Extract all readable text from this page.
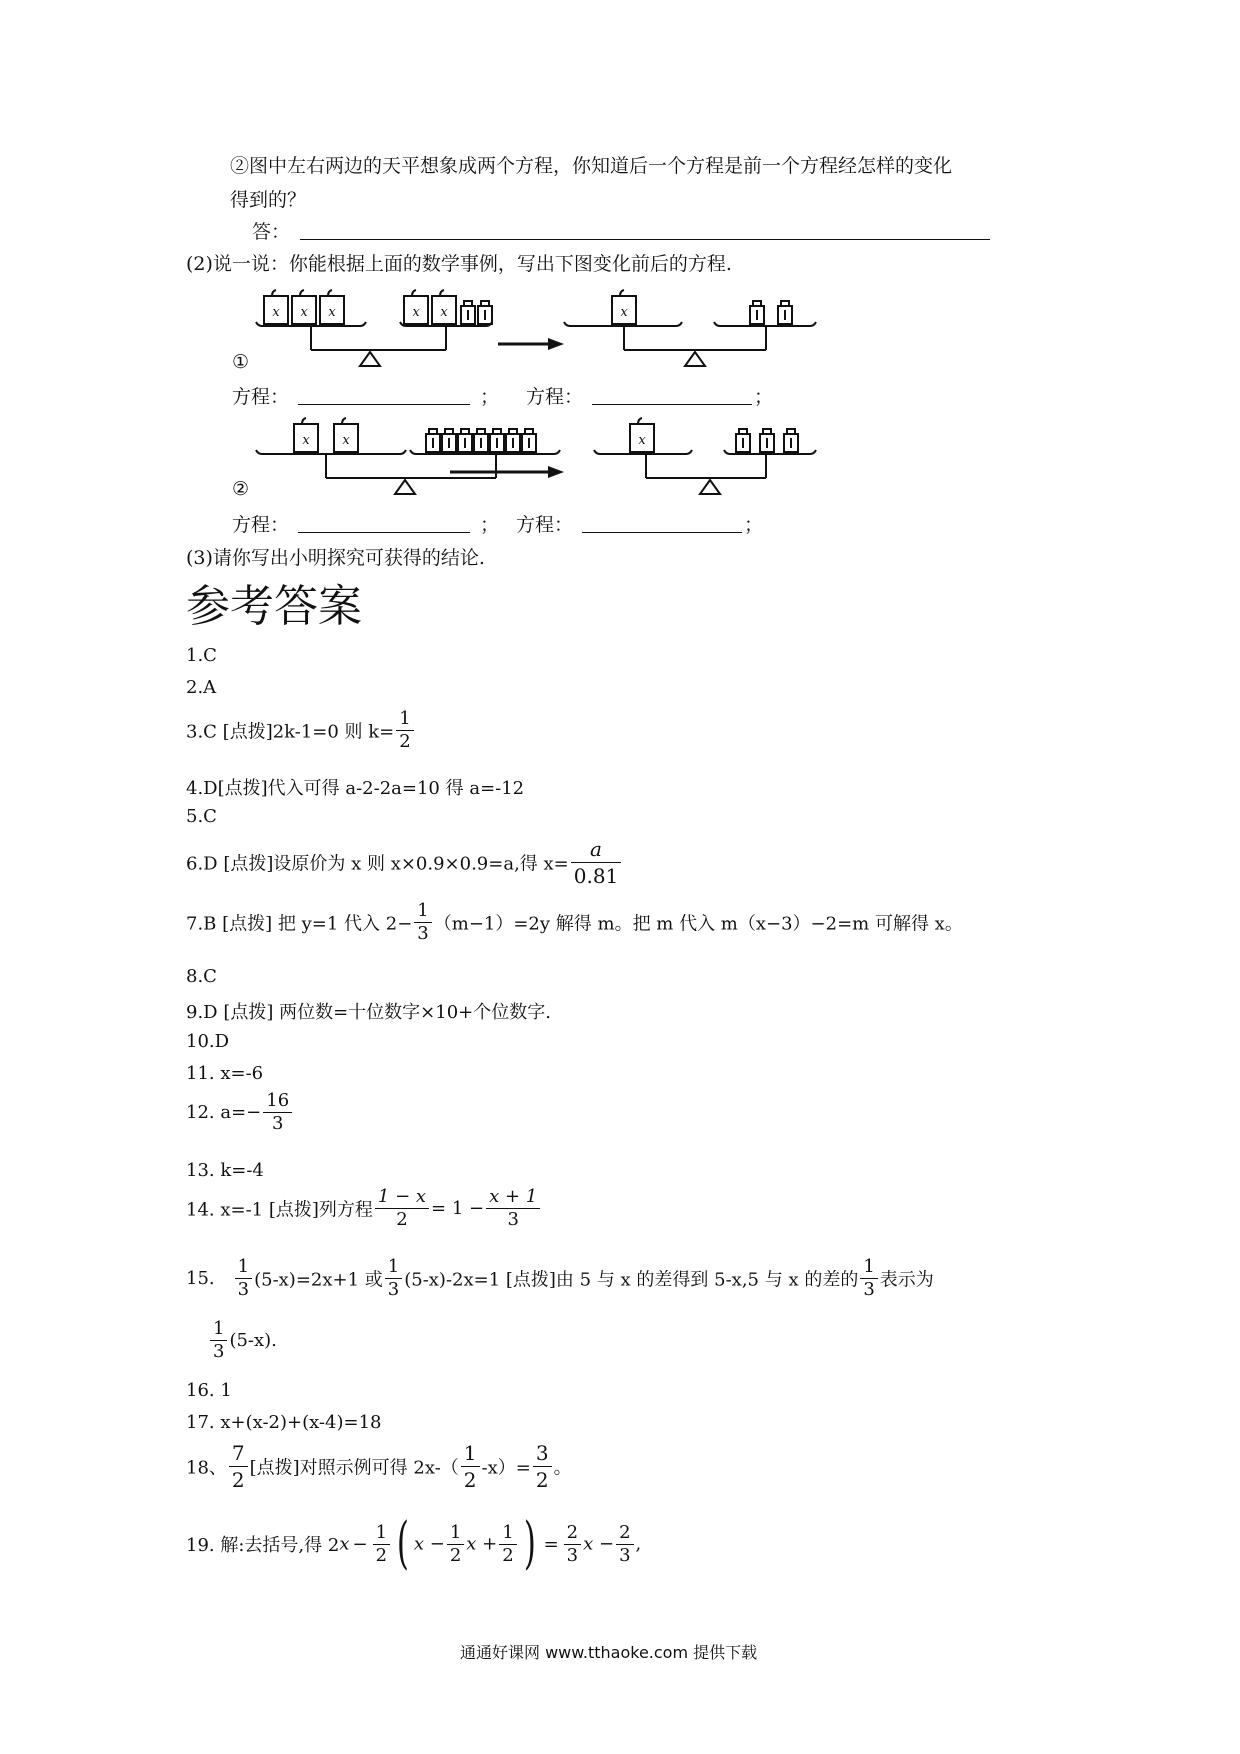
②图中左右两边的天平想象成两个方程，你知道后一个方程是前一个方程经怎样的变化
得到的？
答：
(2)说一说：你能根据上面的数学事例，写出下图变化前后的方程.
x x x	x x	x
①
方程：	； 方程：	；
x	x	x
②
方程：	； 方程：	；
(3)请你写出小明探究可获得的结论.
参考答案
1.C
2.A
3.C [点拨]2k-1=0 则 $k= \frac{1}{2}$
4.D[点拨]代入可得 a-2-2a=10 得 a=-12
5.C
6.D [点拨]设原价为 x 则 x×0.9×0.9=a,得 $x= \frac{a}{0.81}$
7.B [点拨] 把 y=1 代入 $2- \frac{1}{3} (m-1)=2y$ 解得 m。把 m 代入 m（x−3）−2=m 可解得 x。
8.C
9.D [点拨] 两位数=十位数字×10+个位数字.
10.D
11. x=-6
12. $a=- \frac{16}{3}$
13. k=-4
14. x=-1 [点拨]列方程 $\frac{1 - x}{2} = 1 - \frac{x + 1}{3}$
15. $\frac{1}{3} (5-x)=2x+1$ 或 $\frac{1}{3} (5-x)-2x=1$ [点拨]由 5 与 x 的差得到 5-x,5 与 x 的差的 $\frac{1}{3}$ 表示为
$\frac{1}{3} (5-x)$.
16. 1
17. x+(x-2)+(x-4)=18
18、 $\frac{7}{2}$ [点拨]对照示例可得 $2x-( \frac{1}{2} -x)= \frac{3}{2}$ 。
19. 解:去括号,得 $2x - \frac{1}{2}$ ( $x - \frac{1}{2}$ $x + \frac{1}{2}$ ) = $\frac{2}{3}$ $x - \frac{2}{3}$ ,
通通好课网 www.tthaoke.com 提供下载
